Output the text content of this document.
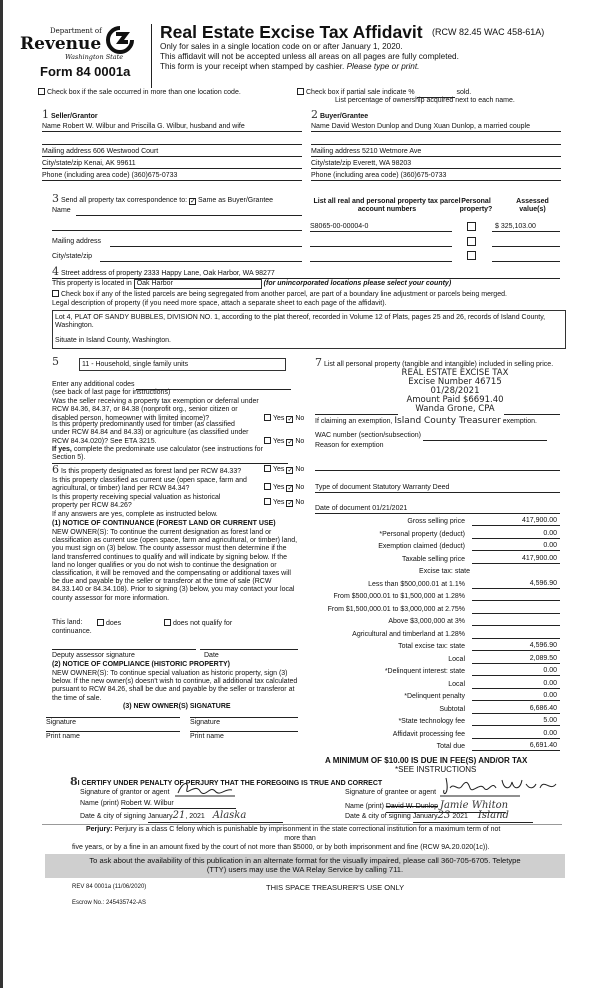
Department of
Revenue
Washington State
Form 84 0001a
Real Estate Excise Tax Affidavit (RCW 82.45 WAC 458-61A)
Only for sales in a single location code on or after January 1, 2020.
This affidavit will not be accepted unless all areas on all pages are fully completed.
This form is your receipt when stamped by cashier. Please type or print.
Check box if the sale occurred in more than one location code.	Check box if partial sale indicate %	sold.
List percentage of ownership acquired next to each name.
1 Seller/Grantor
Name Robert W. Wilbur and Priscilla G. Wilbur, husband and wife
Mailing address 606 Westwood Court
City/state/zip Kenai, AK 99611
Phone (including area code) (360)675-0733
2 Buyer/Grantee
Name David Weston Dunlop and Dung Xuan Dunlop, a married couple
Mailing address 5210 Wetmore Ave
City/state/zip Everett, WA 98203
Phone (including area code) (360)675-0733
3 Send all property tax correspondence to: ✓ Same as Buyer/Grantee
Name
Mailing address
City/state/zip
List all real and personal property tax parcel account numbers
Personal property?
Assessed value(s)
S8065-00-00004-0	$ 325,103.00
4 Street address of property 2333 Happy Lane, Oak Harbor, WA 98277
This property is located in Oak Harbor	(for unincorporated locations please select your county)
Check box if any of the listed parcels are being segregated from another parcel, are part of a boundary line adjustment or parcels being merged.
Legal description of property (if you need more space, attach a separate sheet to each page of the affidavit).
Lot 4, PLAT OF SANDY BUBBLES, DIVISION NO. 1, according to the plat thereof, recorded in Volume 12 of Plats, pages 25 and 26, records of Island County, Washington.
Situate in Island County, Washington.
5	11 - Household, single family units
Enter any additional codes
(see back of last page for instructions)
Was the seller receiving a property tax exemption or deferral under RCW 84.36, 84.37, or 84.38 (nonprofit org., senior citizen or disabled person, homeowner with limited income)?	Yes ✓ No
Is this property predominantly used for timber (as classified under RCW 84.84 and 84.33) or agriculture (as classified under RCW 84.34.020)? See ETA 3215.	Yes ✓ No
If yes, complete the predominate use calculator (see instructions for Section 5).
6 Is this property designated as forest land per RCW 84.33?	Yes ✓ No
Is this property classified as current use (open space, farm and agricultural, or timber) land per RCW 84.34?	Yes ✓ No
Is this property receiving special valuation as historical property per RCW 84.26?	Yes ✓ No
If any answers are yes, complete as instructed below.
(1) NOTICE OF CONTINUANCE (FOREST LAND OR CURRENT USE)
NEW OWNER(S): To continue the current designation as forest land or classification as current use (open space, farm and agricultural, or timber) land, you must sign on (3) below. The county assessor must then determine if the land transferred continues to qualify and will indicate by signing below. If the land no longer qualifies or you do not wish to continue the designation or classification, it will be removed and the compensating or additional taxes will be due and payable by the seller or transferor at the time of sale (RCW 84.33.140 or 84.34.108). Prior to signing (3) below, you may contact your local county assessor for more information.
This land:	does	does not qualify for
continuance.
Deputy assessor signature	Date
(2) NOTICE OF COMPLIANCE (HISTORIC PROPERTY)
NEW OWNER(S): To continue special valuation as historic property, sign (3) below. If the new owner(s) doesn't wish to continue, all additional tax calculated pursuant to RCW 84.26, shall be due and payable by the seller or transferor at the time of sale.
(3) NEW OWNER(S) SIGNATURE
Signature	Signature
Print name	Print name
7 List all personal property (tangible and intangible) included in selling price.
REAL ESTATE EXCISE TAX
Excise Number 46715
01/28/2021
Amount Paid $6691.40
Wanda Grone, CPA
If claiming an exemption, Island County Treasurer exemption.
WAC number (section/subsection)
Reason for exemption
Type of document Statutory Warranty Deed
Date of document 01/21/2021
Gross selling price	417,900.00
*Personal property (deduct)	0.00
Exemption claimed (deduct)	0.00
Taxable selling price	417,900.00
Excise tax: state
Less than $500,000.01 at 1.1%	4,596.90
From $500,000.01 to $1,500,000 at 1.28%
From $1,500,000.01 to $3,000,000 at 2.75%
Above $3,000,000 at 3%
Agricultural and timberland at 1.28%
Total excise tax: state	4,596.90
Local	2,089.50
*Delinquent interest: state	0.00
Local	0.00
*Delinquent penalty	0.00
Subtotal	6,686.40
*State technology fee	5.00
Affidavit processing fee	0.00
Total due	6,691.40
A MINIMUM OF $10.00 IS DUE IN FEE(S) AND/OR TAX
*SEE INSTRUCTIONS
8I CERTIFY UNDER PENALTY OF PERJURY THAT THE FOREGOING IS TRUE AND CORRECT
Signature of grantor or agent
Name (print) Robert W. Wilbur
Date & city of signing January21, 2021 Alaska
Signature of grantee or agent
Name (print) David W. Dunlop Jamie Whiton
Date & city of signing January23 2021 Island
Perjury: Perjury is a class C felony which is punishable by imprisonment in the state correctional institution for a maximum term of not
more than
five years, or by a fine in an amount fixed by the court of not more than $5000, or by both imprisonment and fine (RCW 9A.20.020(1c)).
To ask about the availability of this publication in an alternate format for the visually impaired, please call 360-705-6705. Teletype
(TTY) users may use the WA Relay Service by calling 711.
REV 84 0001a (11/06/2020)	THIS SPACE TREASURER'S USE ONLY
Escrow No.: 245435742-AS
